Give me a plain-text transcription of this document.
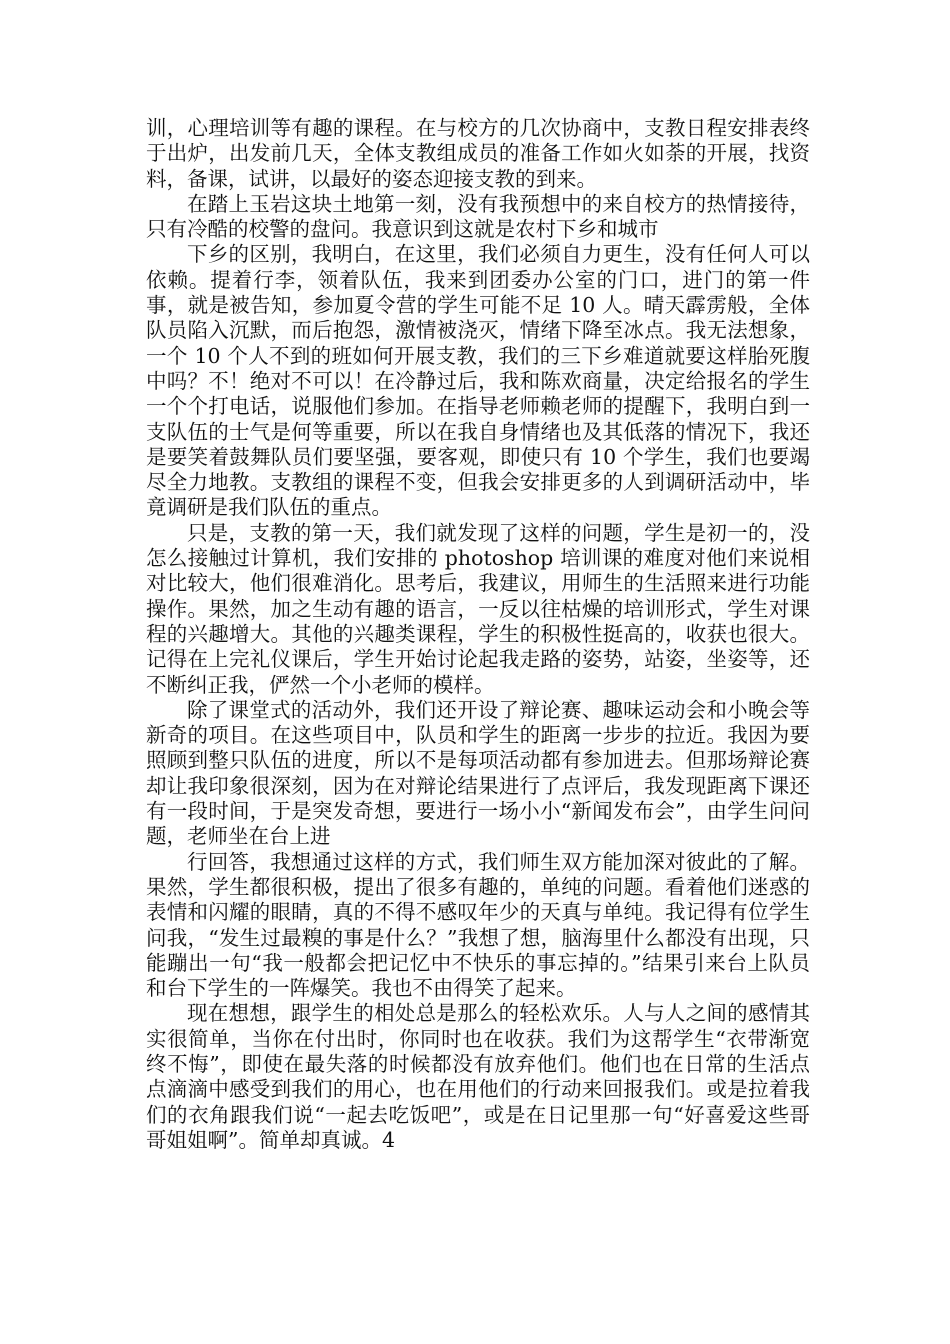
训，心理培训等有趣的课程。在与校方的几次协商中，支教日程安排表终于出炉，出发前几天，全体支教组成员的准备工作如火如荼的开展，找资料，备课，试讲，以最好的姿态迎接支教的到来。

在踏上玉岩这块土地第一刻，没有我预想中的来自校方的热情接待，只有冷酷的校警的盘问。我意识到这就是农村下乡和城市

下乡的区别，我明白，在这里，我们必须自力更生，没有任何人可以依赖。提着行李，领着队伍，我来到团委办公室的门口，进门的第一件事，就是被告知，参加夏令营的学生可能不足 10 人。晴天霹雳般，全体队员陷入沉默，而后抱怨，激情被浇灭，情绪下降至冰点。我无法想象，一个 10 个人不到的班如何开展支教，我们的三下乡难道就要这样胎死腹中吗？不！绝对不可以！在冷静过后，我和陈欢商量，决定给报名的学生一个个打电话，说服他们参加。在指导老师赖老师的提醒下，我明白到一支队伍的士气是何等重要，所以在我自身情绪也及其低落的情况下，我还是要笑着鼓舞队员们要坚强，要客观，即使只有 10 个学生，我们也要竭尽全力地教。支教组的课程不变，但我会安排更多的人到调研活动中，毕竟调研是我们队伍的重点。

只是，支教的第一天，我们就发现了这样的问题，学生是初一的，没怎么接触过计算机，我们安排的 photoshop 培训课的难度对他们来说相对比较大，他们很难消化。思考后，我建议，用师生的生活照来进行功能操作。果然，加之生动有趣的语言，一反以往枯燥的培训形式，学生对课程的兴趣增大。其他的兴趣类课程，学生的积极性挺高的，收获也很大。记得在上完礼仪课后，学生开始讨论起我走路的姿势，站姿，坐姿等，还不断纠正我，俨然一个小老师的模样。

除了课堂式的活动外，我们还开设了辩论赛、趣味运动会和小晚会等新奇的项目。在这些项目中，队员和学生的距离一步步的拉近。我因为要照顾到整只队伍的进度，所以不是每项活动都有参加进去。但那场辩论赛却让我印象很深刻，因为在对辩论结果进行了点评后，我发现距离下课还有一段时间，于是突发奇想，要进行一场小小“新闻发布会”，由学生问问题，老师坐在台上进

行回答，我想通过这样的方式，我们师生双方能加深对彼此的了解。果然，学生都很积极，提出了很多有趣的，单纯的问题。看着他们迷惑的表情和闪耀的眼睛，真的不得不感叹年少的天真与单纯。我记得有位学生问我，“发生过最糗的事是什么？”我想了想，脑海里什么都没有出现，只能蹦出一句“我一般都会把记忆中不快乐的事忘掉的。”结果引来台上队员和台下学生的一阵爆笑。我也不由得笑了起来。

现在想想，跟学生的相处总是那么的轻松欢乐。人与人之间的感情其实很简单，当你在付出时，你同时也在收获。我们为这帮学生“衣带渐宽终不悔”，即使在最失落的时候都没有放弃他们。他们也在日常的生活点点滴滴中感受到我们的用心，也在用他们的行动来回报我们。或是拉着我们的衣角跟我们说“一起去吃饭吧”，或是在日记里那一句“好喜爱这些哥哥姐姐啊”。简单却真诚。4
